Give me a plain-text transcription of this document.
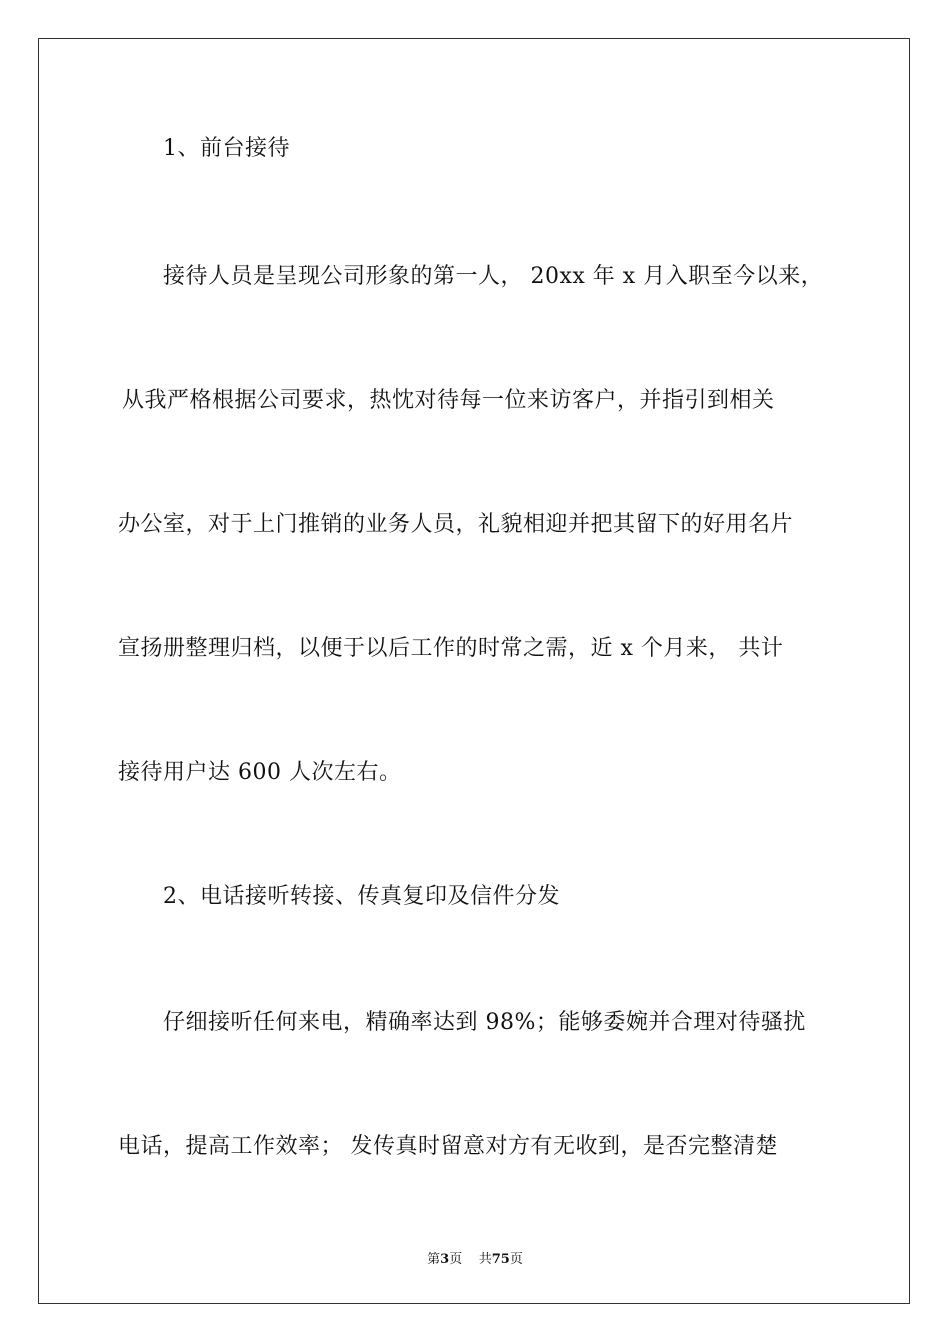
1、前台接待
接待人员是呈现公司形象的第一人， 20xx 年 x 月入职至今以来，
从我严格根据公司要求，热忱对待每一位来访客户，并指引到相关
办公室，对于上门推销的业务人员，礼貌相迎并把其留下的好用名片
宣扬册整理归档，以便于以后工作的时常之需，近 x 个月来， 共计
接待用户达 600 人次左右。
2、电话接听转接、传真复印及信件分发
仔细接听任何来电，精确率达到 98%；能够委婉并合理对待骚扰
电话，提高工作效率； 发传真时留意对方有无收到，是否完整清楚
第3页 共75页
